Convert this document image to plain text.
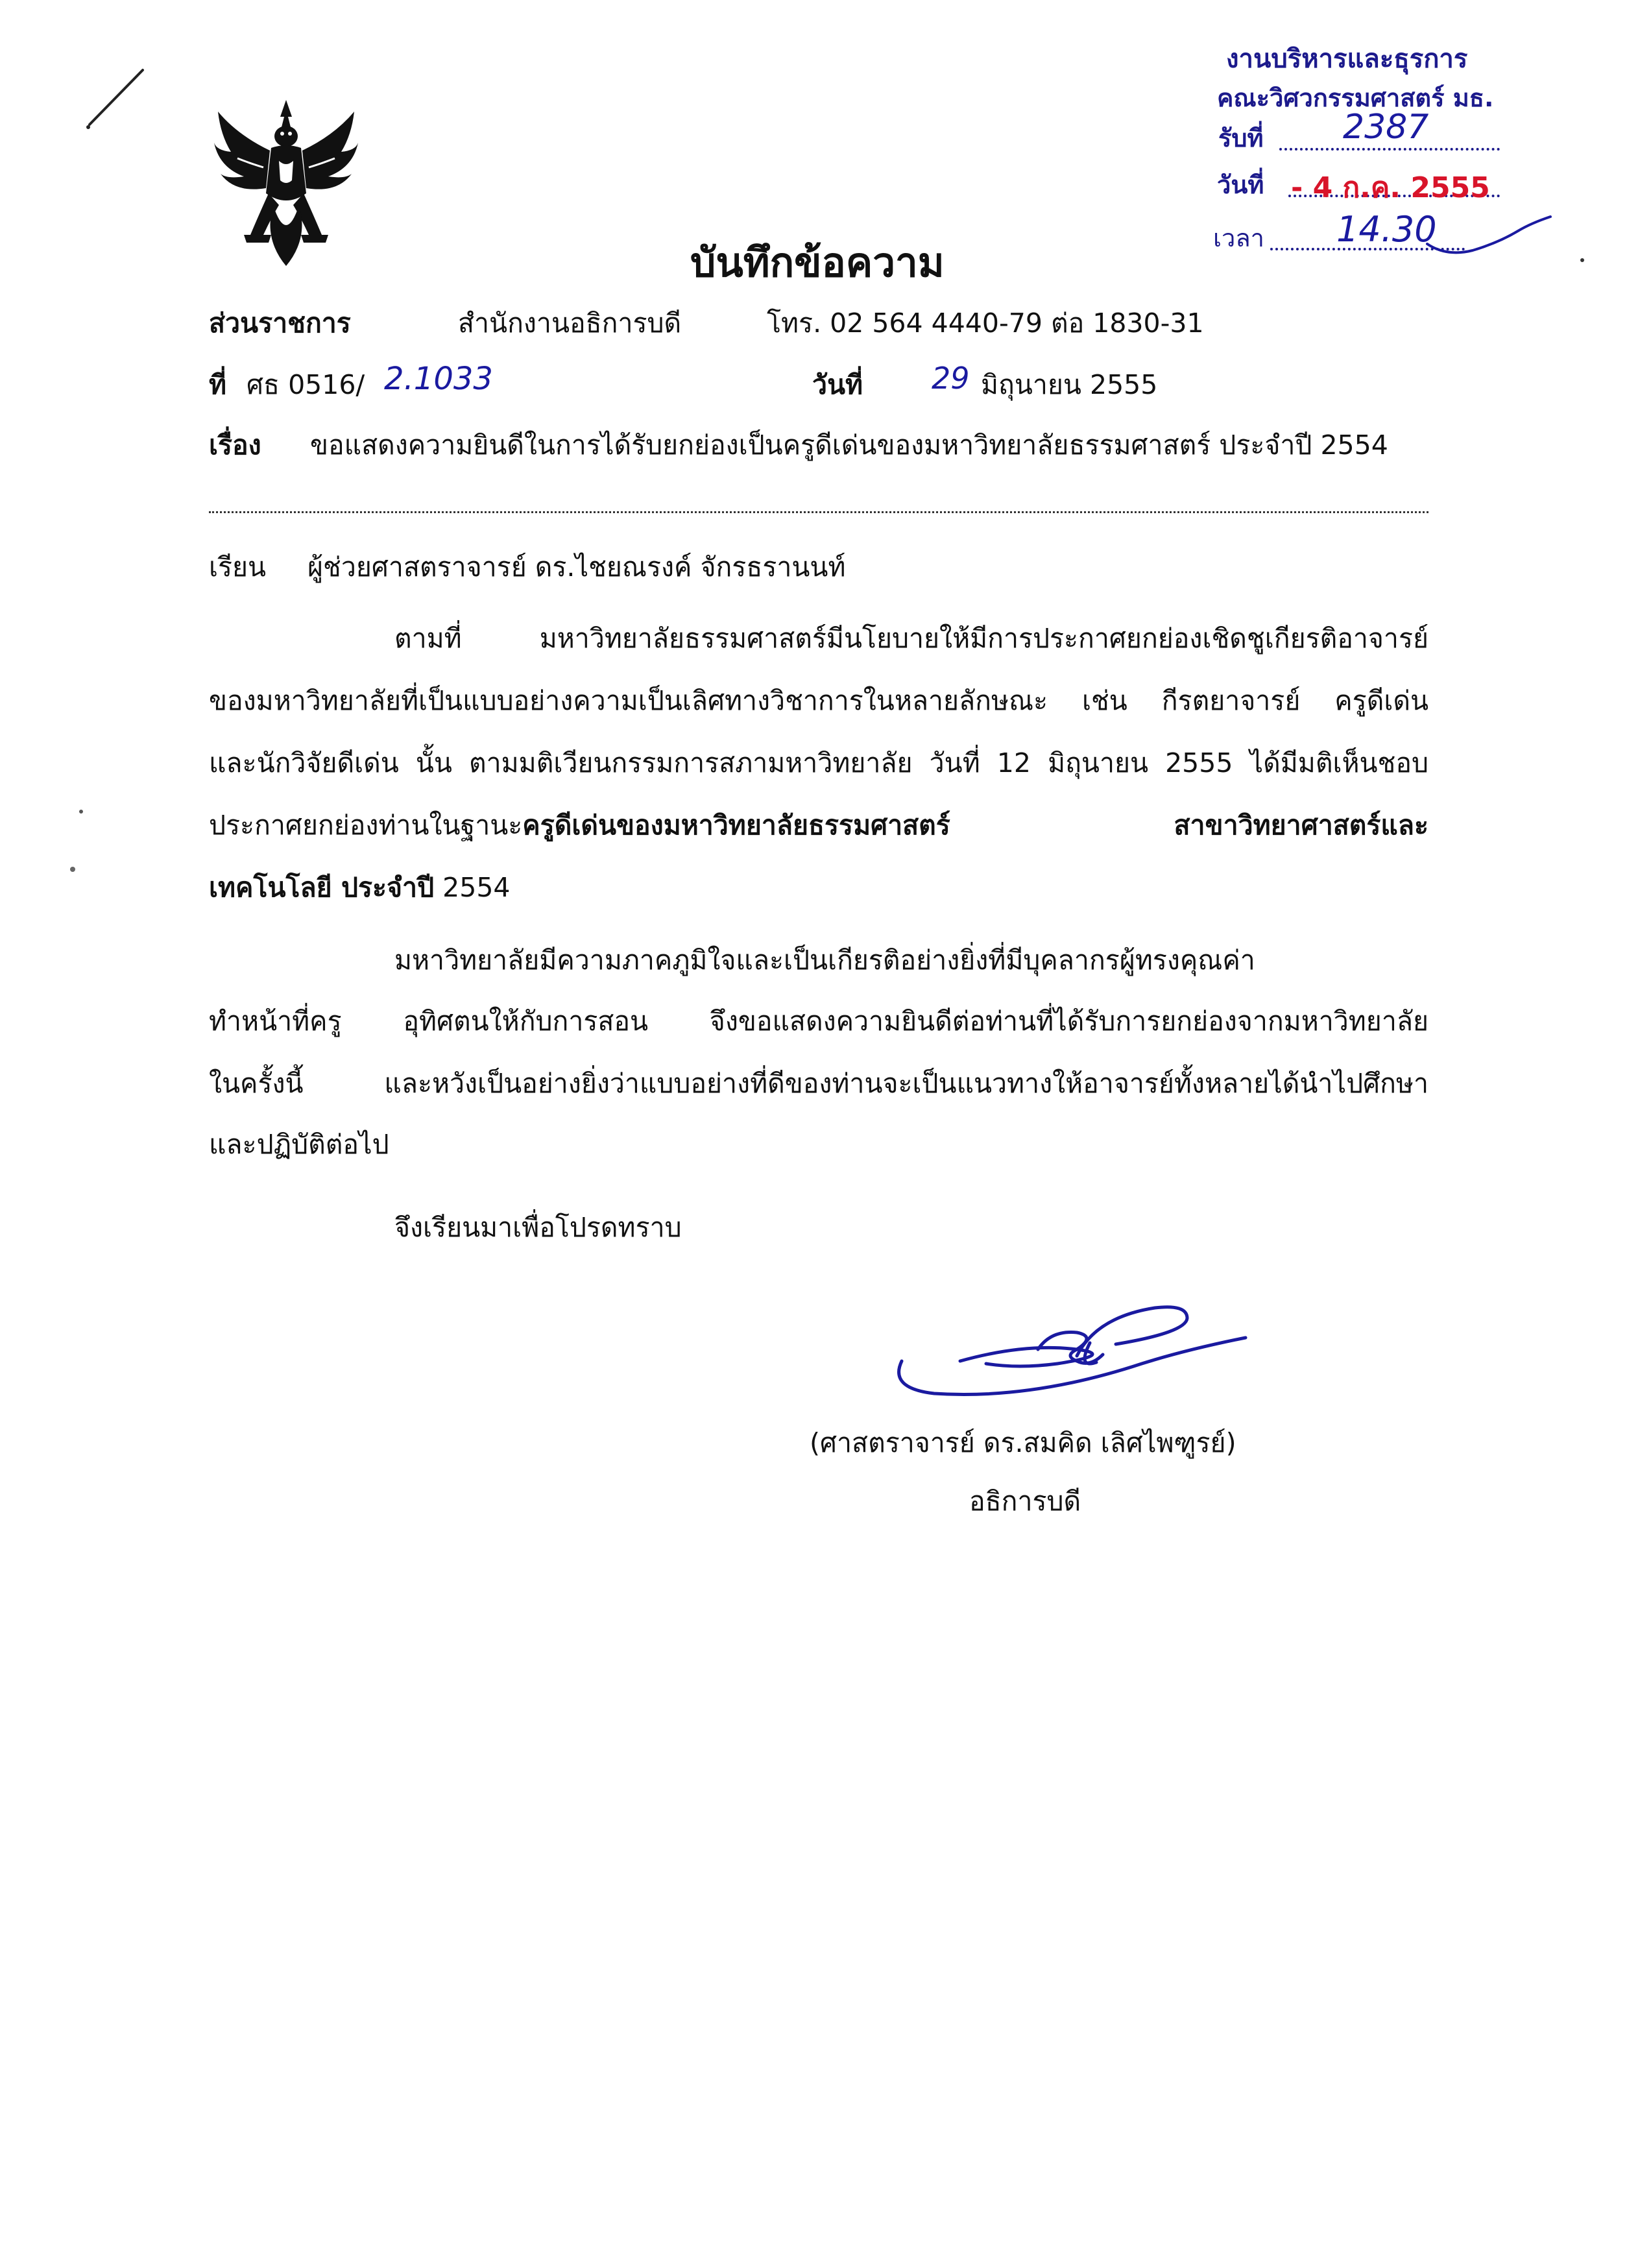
งานบริหารและธุรการ
คณะวิศวกรรมศาสตร์ มธ.
รับที่ 2387
วันที่ - 4 ก.ค. 2555
เวลา 14.30
บันทึกข้อความ
ส่วนราชการ	สำนักงานอธิการบดี	โทร. 02 564 4440-79 ต่อ 1830-31
ที่ ศธ 0516/ 2.1033	วันที่ 29 มิถุนายน 2555
เรื่อง ขอแสดงความยินดีในการได้รับยกย่องเป็นครูดีเด่นของมหาวิทยาลัยธรรมศาสตร์ ประจำปี 2554
เรียน ผู้ช่วยศาสตราจารย์ ดร.ไชยณรงค์ จักรธรานนท์
ตามที่ มหาวิทยาลัยธรรมศาสตร์มีนโยบายให้มีการประกาศยกย่องเชิดชูเกียรติอาจารย์
ของมหาวิทยาลัยที่เป็นแบบอย่างความเป็นเลิศทางวิชาการในหลายลักษณะ เช่น กีรตยาจารย์ ครูดีเด่น
และนักวิจัยดีเด่น นั้น ตามมติเวียนกรรมการสภามหาวิทยาลัย วันที่ 12 มิถุนายน 2555 ได้มีมติเห็นชอบ
ประกาศยกย่องท่านในฐานะครูดีเด่นของมหาวิทยาลัยธรรมศาสตร์ สาขาวิทยาศาสตร์และ
เทคโนโลยี ประจำปี 2554
มหาวิทยาลัยมีความภาคภูมิใจและเป็นเกียรติอย่างยิ่งที่มีบุคลากรผู้ทรงคุณค่า
ทำหน้าที่ครู อุทิศตนให้กับการสอน จึงขอแสดงความยินดีต่อท่านที่ได้รับการยกย่องจากมหาวิทยาลัย
ในครั้งนี้ และหวังเป็นอย่างยิ่งว่าแบบอย่างที่ดีของท่านจะเป็นแนวทางให้อาจารย์ทั้งหลายได้นำไปศึกษา
และปฏิบัติต่อไป
จึงเรียนมาเพื่อโปรดทราบ
(ศาสตราจารย์ ดร.สมคิด เลิศไพฑูรย์)
อธิการบดี
